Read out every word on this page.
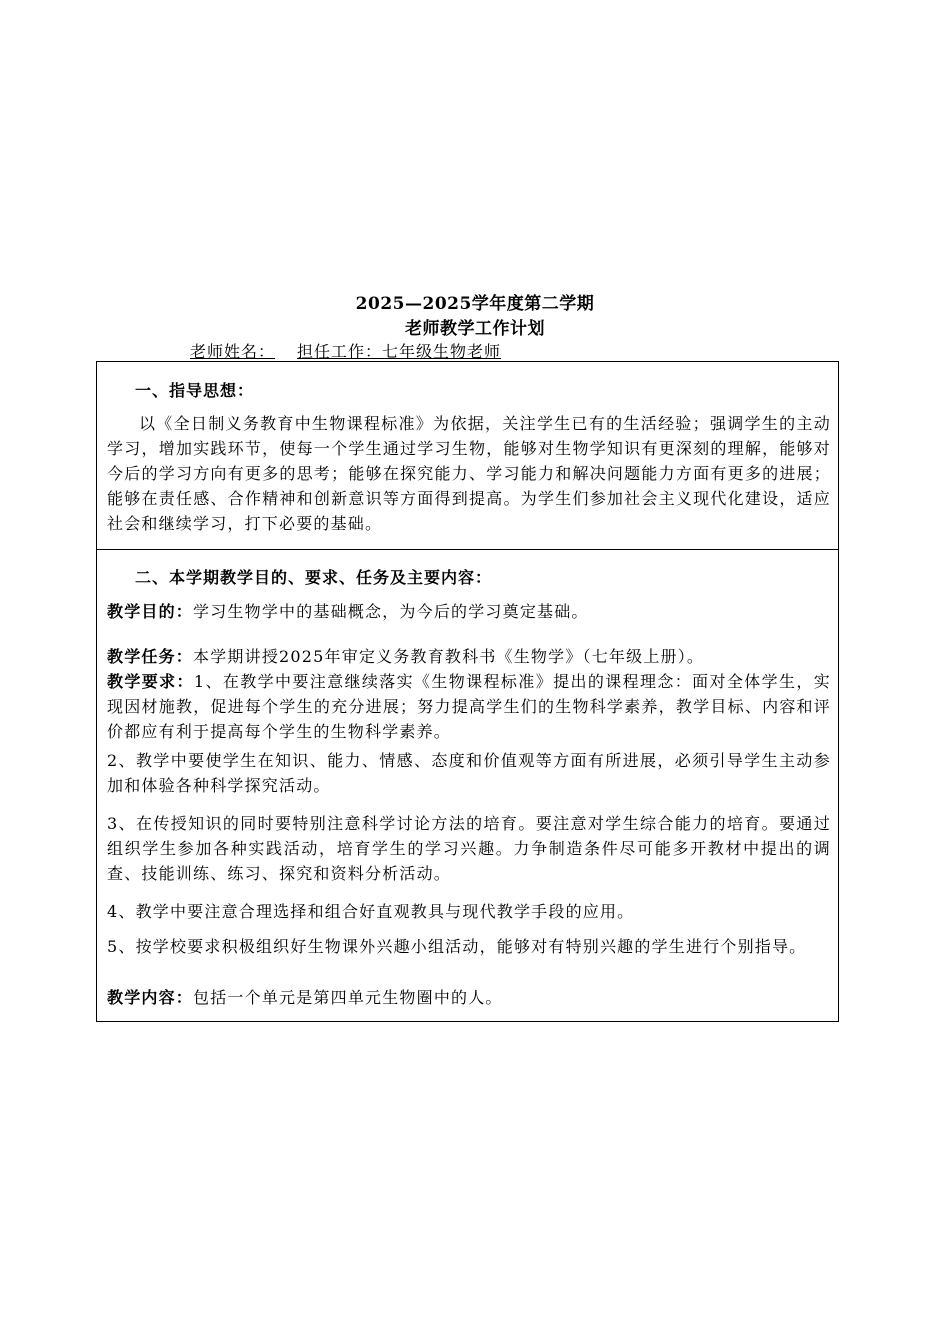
2025—2025学年度第二学期
老师教学工作计划
老师姓名： 担任工作：七年级生物老师
一、指导思想：

以《全日制义务教育中生物课程标准》为依据，关注学生已有的生活经验；强调学生的主动学习，增加实践环节，使每一个学生通过学习生物，能够对生物学知识有更深刻的理解，能够对今后的学习方向有更多的思考；能够在探究能力、学习能力和解决问题能力方面有更多的进展；能够在责任感、合作精神和创新意识等方面得到提高。为学生们参加社会主义现代化建设，适应社会和继续学习，打下必要的基础。

二、本学期教学目的、要求、任务及主要内容：

教学目的：学习生物学中的基础概念，为今后的学习奠定基础。

教学任务：本学期讲授2025年审定义务教育教科书《生物学》（七年级上册）。

教学要求：1、在教学中要注意继续落实《生物课程标准》提出的课程理念：面对全体学生，实现因材施教，促进每个学生的充分进展；努力提高学生们的生物科学素养，教学目标、内容和评价都应有利于提高每个学生的生物科学素养。

2、教学中要使学生在知识、能力、情感、态度和价值观等方面有所进展，必须引导学生主动参加和体验各种科学探究活动。

3、在传授知识的同时要特别注意科学讨论方法的培育。要注意对学生综合能力的培育。要通过组织学生参加各种实践活动，培育学生的学习兴趣。力争制造条件尽可能多开教材中提出的调查、技能训练、练习、探究和资料分析活动。

4、教学中要注意合理选择和组合好直观教具与现代教学手段的应用。

5、按学校要求积极组织好生物课外兴趣小组活动，能够对有特别兴趣的学生进行个别指导。

教学内容：包括一个单元是第四单元生物圈中的人。
